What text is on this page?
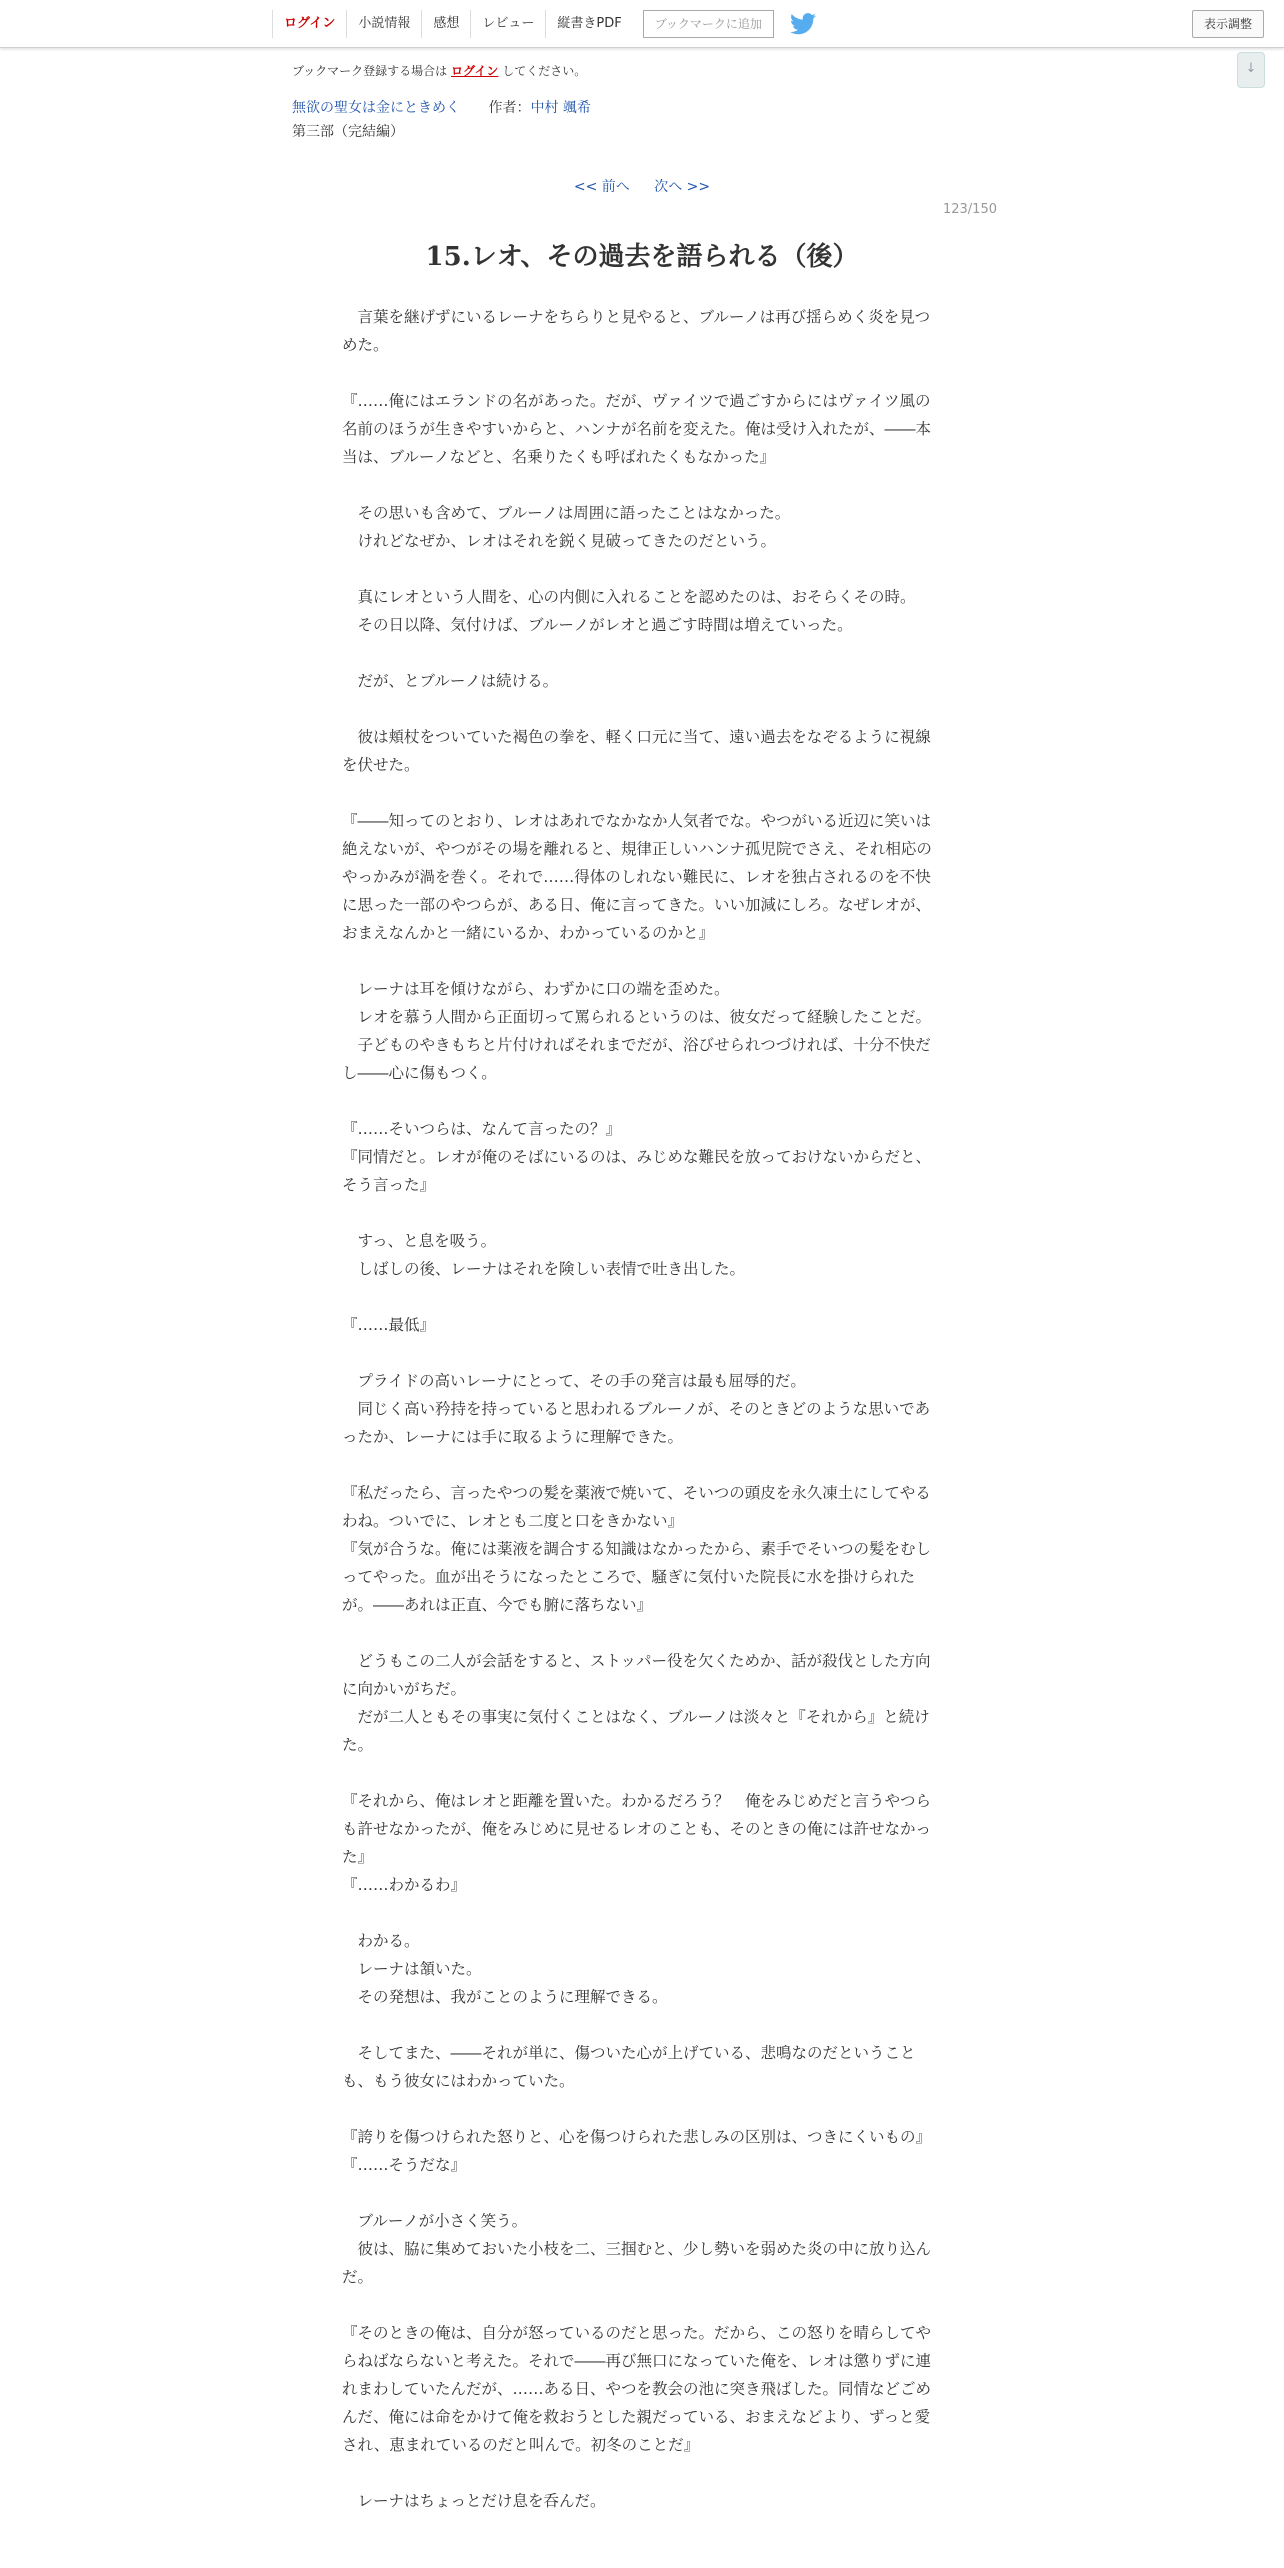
ログイン	小説情報	感想	レビュー	縦書きPDF	ブックマークに追加	表示調整
↓
ブックマーク登録する場合は ログイン してください。
無欲の聖女は金にときめく 作者：中村 颯希
第三部（完結編）
<< 前へ 次へ >>
123/150
15.レオ、その過去を語られる（後）

　言葉を継げずにいるレーナをちらりと見やると、ブルーノは再び揺らめく炎を見つめた。

『……俺にはエランドの名があった。だが、ヴァイツで過ごすからにはヴァイツ風の名前のほうが生きやすいからと、ハンナが名前を変えた。俺は受け入れたが、――本当は、ブルーノなどと、名乗りたくも呼ばれたくもなかった』

　その思いも含めて、ブルーノは周囲に語ったことはなかった。

　けれどなぜか、レオはそれを鋭く見破ってきたのだという。

　真にレオという人間を、心の内側に入れることを認めたのは、おそらくその時。

　その日以降、気付けば、ブルーノがレオと過ごす時間は増えていった。

　だが、とブルーノは続ける。

　彼は頬杖をついていた褐色の拳を、軽く口元に当て、遠い過去をなぞるように視線を伏せた。

『――知ってのとおり、レオはあれでなかなか人気者でな。やつがいる近辺に笑いは絶えないが、やつがその場を離れると、規律正しいハンナ孤児院でさえ、それ相応のやっかみが渦を巻く。それで……得体のしれない難民に、レオを独占されるのを不快に思った一部のやつらが、ある日、俺に言ってきた。いい加減にしろ。なぜレオが、おまえなんかと一緒にいるか、わかっているのかと』

　レーナは耳を傾けながら、わずかに口の端を歪めた。

　レオを慕う人間から正面切って罵られるというのは、彼女だって経験したことだ。

　子どものやきもちと片付ければそれまでだが、浴びせられつづければ、十分不快だし――心に傷もつく。

『……そいつらは、なんて言ったの？』

『同情だと。レオが俺のそばにいるのは、みじめな難民を放っておけないからだと、そう言った』

　すっ、と息を吸う。

　しばしの後、レーナはそれを険しい表情で吐き出した。

『……最低』

　プライドの高いレーナにとって、その手の発言は最も屈辱的だ。

　同じく高い矜持を持っていると思われるブルーノが、そのときどのような思いであったか、レーナには手に取るように理解できた。

『私だったら、言ったやつの髪を薬液で焼いて、そいつの頭皮を永久凍土にしてやるわね。ついでに、レオとも二度と口をきかない』

『気が合うな。俺には薬液を調合する知識はなかったから、素手でそいつの髪をむしってやった。血が出そうになったところで、騒ぎに気付いた院長に水を掛けられたが。――あれは正直、今でも腑に落ちない』

　どうもこの二人が会話をすると、ストッパー役を欠くためか、話が殺伐とした方向に向かいがちだ。

　だが二人ともその事実に気付くことはなく、ブルーノは淡々と『それから』と続けた。

『それから、俺はレオと距離を置いた。わかるだろう？　俺をみじめだと言うやつらも許せなかったが、俺をみじめに見せるレオのことも、そのときの俺には許せなかった』

『……わかるわ』

　わかる。

　レーナは頷いた。

　その発想は、我がことのように理解できる。

　そしてまた、――それが単に、傷ついた心が上げている、悲鳴なのだということも、もう彼女にはわかっていた。

『誇りを傷つけられた怒りと、心を傷つけられた悲しみの区別は、つきにくいもの』

『……そうだな』

　ブルーノが小さく笑う。

　彼は、脇に集めておいた小枝を二、三掴むと、少し勢いを弱めた炎の中に放り込んだ。

『そのときの俺は、自分が怒っているのだと思った。だから、この怒りを晴らしてやらねばならないと考えた。それで――再び無口になっていた俺を、レオは懲りずに連れまわしていたんだが、……ある日、やつを教会の池に突き飛ばした。同情などごめんだ、俺には命をかけて俺を救おうとした親だっている、おまえなどより、ずっと愛され、恵まれているのだと叫んで。初冬のことだ』

　レーナはちょっとだけ息を呑んだ。
